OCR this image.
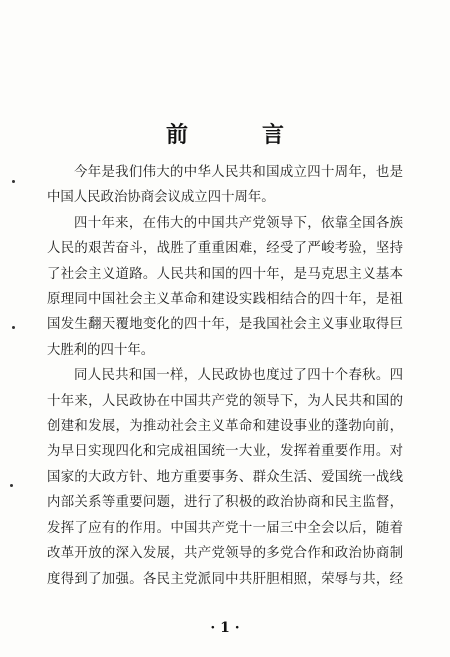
前　言
今年是我们伟大的中华人民共和国成立四十周年，也是
中国人民政治协商会议成立四十周年。
四十年来，在伟大的中国共产党领导下，依靠全国各族
人民的艰苦奋斗，战胜了重重困难，经受了严峻考验，坚持
了社会主义道路。人民共和国的四十年，是马克思主义基本
原理同中国社会主义革命和建设实践相结合的四十年，是祖
国发生翻天覆地变化的四十年，是我国社会主义事业取得巨
大胜利的四十年。
同人民共和国一样，人民政协也度过了四十个春秋。四
十年来，人民政协在中国共产党的领导下，为人民共和国的
创建和发展，为推动社会主义革命和建设事业的蓬勃向前，
为早日实现四化和完成祖国统一大业，发挥着重要作用。对
国家的大政方针、地方重要事务、群众生活、爱国统一战线
内部关系等重要问题，进行了积极的政治协商和民主监督，
发挥了应有的作用。中国共产党十一届三中全会以后，随着
改革开放的深入发展，共产党领导的多党合作和政治协商制
度得到了加强。各民主党派同中共肝胆相照，荣辱与共，经
· 1 ·
